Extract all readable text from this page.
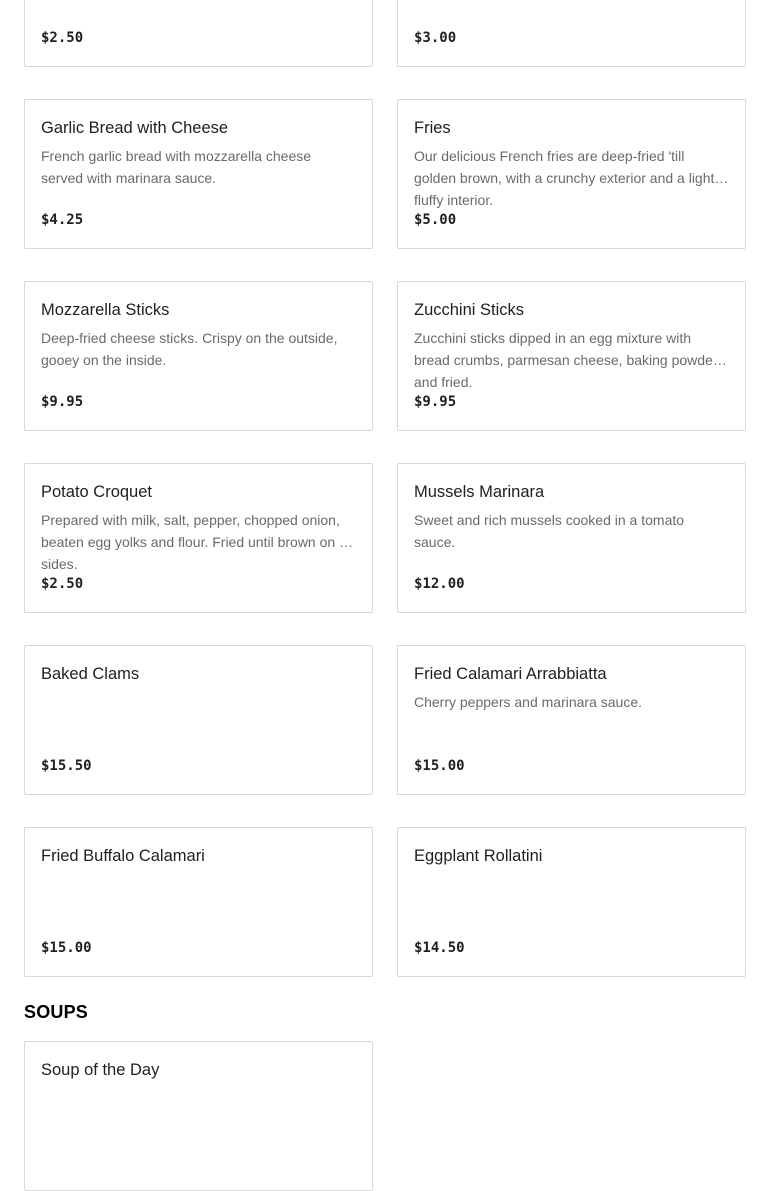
$2.50	$3.00
Garlic Bread with Cheese
French garlic bread with mozzarella cheese served with marinara sauce.
$4.25
Fries
Our delicious French fries are deep-fried 'till golden brown, with a crunchy exterior and a light fluffy interior.
$5.00
Mozzarella Sticks
Deep-fried cheese sticks. Crispy on the outside, gooey on the inside.
$9.95
Zucchini Sticks
Zucchini sticks dipped in an egg mixture with bread crumbs, parmesan cheese, baking powder and fried.
$9.95
Potato Croquet
Prepared with milk, salt, pepper, chopped onion, beaten egg yolks and flour. Fried until brown on all sides.
$2.50
Mussels Marinara
Sweet and rich mussels cooked in a tomato sauce.
$12.00
Baked Clams
$15.50
Fried Calamari Arrabbiatta
Cherry peppers and marinara sauce.
$15.00
Fried Buffalo Calamari
$15.00
Eggplant Rollatini
$14.50
SOUPS
Soup of the Day
